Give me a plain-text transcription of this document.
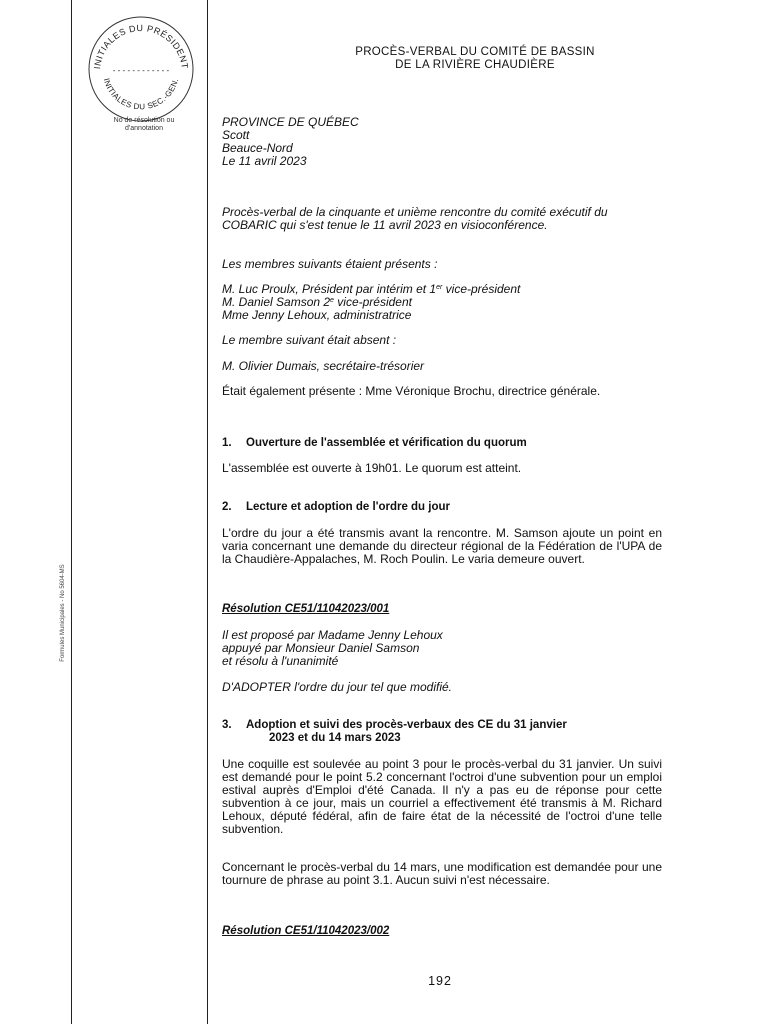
INITIALES DU PRÉSIDENT
INITIALES DU SEC.-GEN.
- - - - - - - - - - - -
No de résolution ou d'annotation
Formules Municipales - No 5604-MS
PROCÈS-VERBAL DU COMITÉ DE BASSIN
DE LA RIVIÈRE CHAUDIÈRE
PROVINCE DE QUÉBEC
Scott
Beauce-Nord
Le 11 avril 2023
Procès-verbal de la cinquante et unième rencontre du comité exécutif du COBARIC qui s'est tenue le 11 avril 2023 en visioconférence.
Les membres suivants étaient présents :
M. Luc Proulx, Président par intérim et 1er vice-président
M. Daniel Samson 2e vice-président
Mme Jenny Lehoux, administratrice
Le membre suivant était absent :
M. Olivier Dumais, secrétaire-trésorier
Était également présente : Mme Véronique Brochu, directrice générale.
1. Ouverture de l'assemblée et vérification du quorum
L'assemblée est ouverte à 19h01. Le quorum est atteint.
2. Lecture et adoption de l'ordre du jour
L'ordre du jour a été transmis avant la rencontre. M. Samson ajoute un point en varia concernant une demande du directeur régional de la Fédération de l'UPA de la Chaudière-Appalaches, M. Roch Poulin. Le varia demeure ouvert.
Résolution CE51/11042023/001
Il est proposé par Madame Jenny Lehoux
appuyé par Monsieur Daniel Samson
et résolu à l'unanimité
D'ADOPTER l'ordre du jour tel que modifié.
3. Adoption et suivi des procès-verbaux des CE du 31 janvier
2023 et du 14 mars 2023
Une coquille est soulevée au point 3 pour le procès-verbal du 31 janvier. Un suivi est demandé pour le point 5.2 concernant l'octroi d'une subvention pour un emploi estival auprès d'Emploi d'été Canada. Il n'y a pas eu de réponse pour cette subvention à ce jour, mais un courriel a effectivement été transmis à M. Richard Lehoux, député fédéral, afin de faire état de la nécessité de l'octroi d'une telle subvention.
Concernant le procès-verbal du 14 mars, une modification est demandée pour une tournure de phrase au point 3.1. Aucun suivi n'est nécessaire.
Résolution CE51/11042023/002
192
